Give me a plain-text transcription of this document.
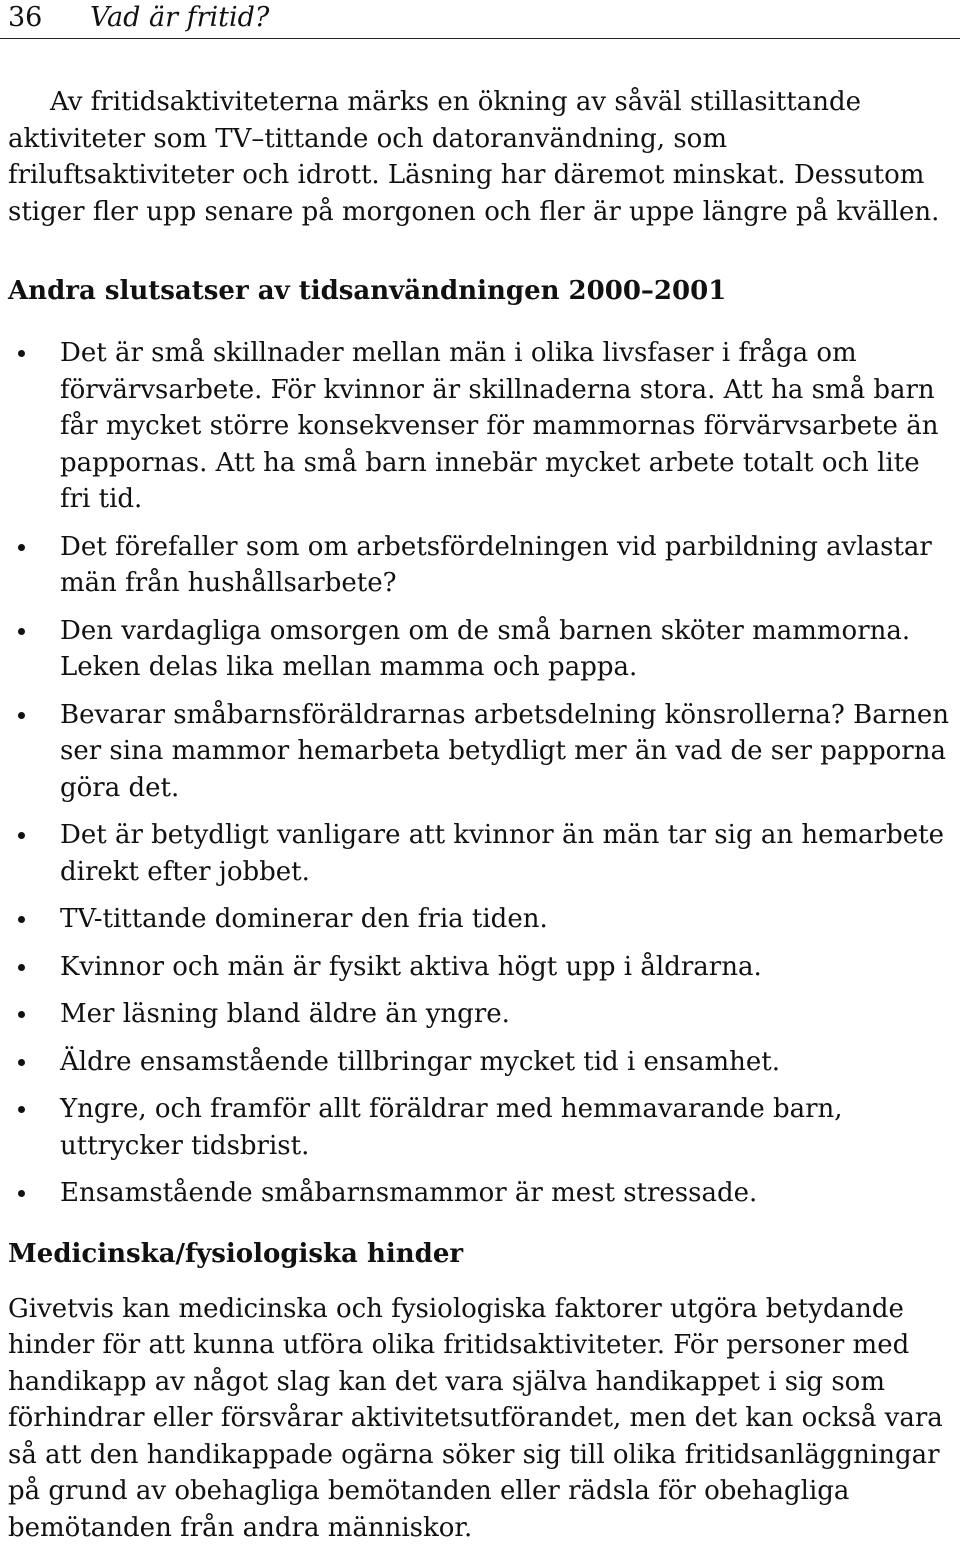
36 Vad är fritid?

Av fritidsaktiviteterna märks en ökning av såväl stillasittande aktiviteter som TV–tittande och datoranvändning, som friluftsaktiviteter och idrott. Läsning har däremot minskat. Dessutom stiger fler upp senare på morgonen och fler är uppe längre på kvällen.

Andra slutsatser av tidsanvändningen 2000–2001
Det är små skillnader mellan män i olika livsfaser i fråga om förvärvsarbete. För kvinnor är skillnaderna stora. Att ha små barn får mycket större konsekvenser för mammornas förvärvsarbete än pappornas. Att ha små barn innebär mycket arbete totalt och lite fri tid.
Det förefaller som om arbetsfördelningen vid parbildning avlastar män från hushållsarbete?
Den vardagliga omsorgen om de små barnen sköter mammorna. Leken delas lika mellan mamma och pappa.
Bevarar småbarnsföräldrarnas arbetsdelning könsrollerna? Barnen ser sina mammor hemarbeta betydligt mer än vad de ser papporna göra det.
Det är betydligt vanligare att kvinnor än män tar sig an hemarbete direkt efter jobbet.
TV-tittande dominerar den fria tiden.
Kvinnor och män är fysikt aktiva högt upp i åldrarna.
Mer läsning bland äldre än yngre.
Äldre ensamstående tillbringar mycket tid i ensamhet.
Yngre, och framför allt föräldrar med hemmavarande barn, uttrycker tidsbrist.
Ensamstående småbarnsmammor är mest stressade.
Medicinska/fysiologiska hinder

Givetvis kan medicinska och fysiologiska faktorer utgöra betydande hinder för att kunna utföra olika fritidsaktiviteter. För personer med handikapp av något slag kan det vara själva handikappet i sig som förhindrar eller försvårar aktivitetsutförandet, men det kan också vara så att den handikappade ogärna söker sig till olika fritidsanläggningar på grund av obehagliga bemötanden eller rädsla för obehagliga bemötanden från andra människor.
